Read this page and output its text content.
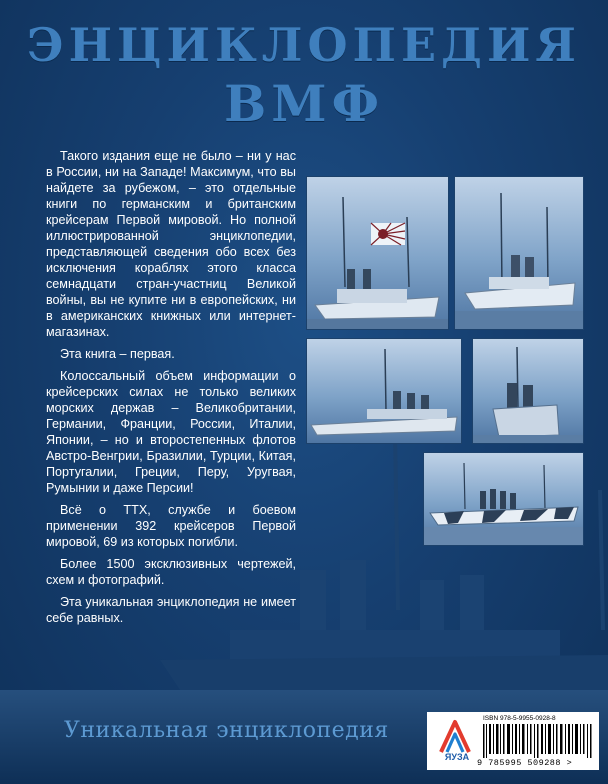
ЭНЦИКЛОПЕДИЯ
ВМФ

Такого издания еще не было – ни у нас в России, ни на Западе! Максимум, что вы найдете за рубежом, – это отдельные книги по германским и британским крейсерам Первой мировой. Но полной иллюстрированной энциклопедии, представляющей сведения обо всех без исключения кораблях этого класса семнадцати стран-участниц Великой войны, вы не купите ни в европейских, ни в американских книжных или интернет-магазинах.

Эта книга – первая.

Колоссальный объем информации о крейсерских силах не только великих морских держав – Великобритании, Германии, Франции, России, Италии, Японии, – но и второстепенных флотов Австро-Венгрии, Бразилии, Турции, Китая, Португалии, Греции, Перу, Уругвая, Румынии и даже Персии!

Всё о ТТХ, службе и боевом применении 392 крейсеров Первой мировой, 69 из которых погибли.

Более 1500 эксклюзивных чертежей, схем и фотографий.

Эта уникальная энциклопедия не имеет себе равных.

Уникальная энциклопедия
ЯУЗА
ISBN 978-5-9955-0928-8
9 785995 509288 >
